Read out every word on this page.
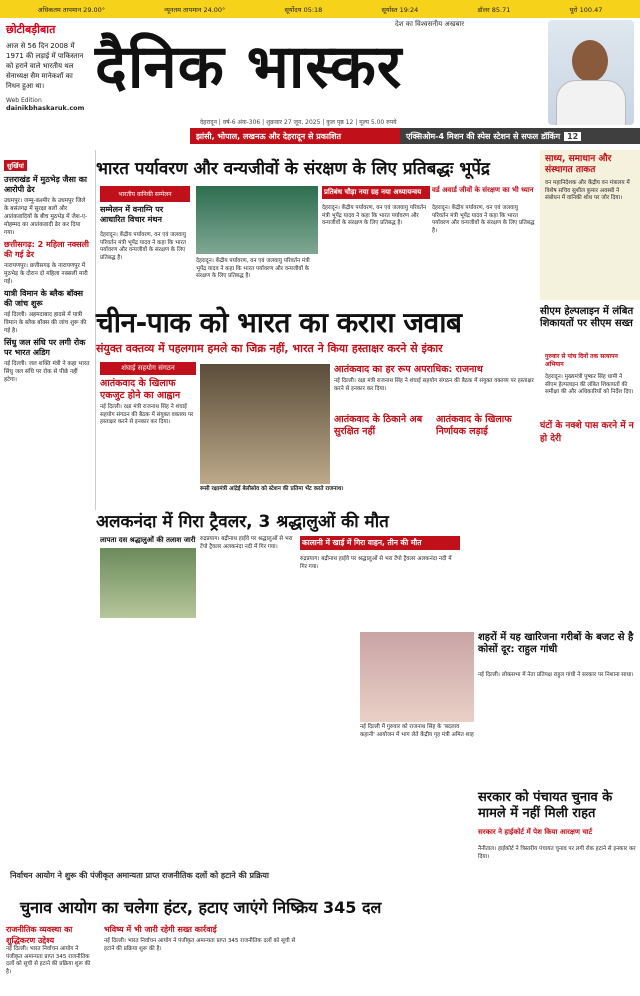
अधिकतम तापमान 29.00°	न्यूनतम तापमान 24.00°	सूर्योदय 05:18	सूर्यास्त 19:24	डॉलर 85.71	यूरो 100.47
छोटीबड़ीबात
आज से 56 दिन 2008 में 1971 की लड़ाई में पाकिस्तान को हराने वाले भारतीय थल सेनाध्यक्ष सैम मानेकशॉ का निधन हुआ था।
Web Edition
dainikbhaskaruk.com
दैनिक भास्कर
देश का विश्वसनीय अखबार
देहरादून | वर्ष-6 अंक-306 | शुक्रवार 27 जून, 2025 | कुल पृष्ठ 12 | मूल्य 5.00 रुपये
झांसी, भोपाल, लखनऊ और देहरादून से प्रकाशित	एक्सिओम-4 मिशन की स्पेस स्टेशन से सफल डॉकिंग 12
सुर्खियां
उत्तराखंड में मुठभेड़ जैसा का आरोपी ढेर
उधमपुर। जम्मू-कश्मीर के उधमपुर जिले के बसंतगढ़ में सुरक्षा बलों और आतंकवादियों के बीच मुठभेड़ में जैश-ए-मोहम्मद का आतंकवादी ढेर कर दिया गया।
छत्तीसगढ़: 2 महिला नक्सली की गई ढेर
नारायणपुर। छत्तीसगढ़ के नारायणपुर में मुठभेड़ के दौरान दो महिला नक्सली मारी गईं।
यात्री विमान के ब्लैक बॉक्स की जांच शुरू
नई दिल्ली। अहमदाबाद हादसे में यात्री विमान के ब्लैक बॉक्स की जांच शुरू की गई है।
सिंधु जल संधि पर लगी रोक पर भारत अडिग
नई दिल्ली। जल शक्ति मंत्री ने कहा भारत सिंधु जल संधि पर रोक से पीछे नहीं हटेगा।
भारत पर्यावरण और वन्यजीवों के संरक्षण के लिए प्रतिबद्धः भूपेंद्र
भारतीय वानिकी सम्मेलन
सम्मेलन में वनाग्नि पर आधारित विचार मंथन
देहरादून। केंद्रीय पर्यावरण, वन एवं जलवायु परिवर्तन मंत्री भूपेंद्र यादव ने कहा कि भारत पर्यावरण और वन्यजीवों के संरक्षण के लिए प्रतिबद्ध है।
देहरादून। केंद्रीय पर्यावरण, वन एवं जलवायु परिवर्तन मंत्री भूपेंद्र यादव ने कहा कि भारत पर्यावरण और वन्यजीवों के संरक्षण के लिए प्रतिबद्ध है।
प्रतिबंध चौड़ा नया ग्रह नया अध्यायन्वय
देहरादून। केंद्रीय पर्यावरण, वन एवं जलवायु परिवर्तन मंत्री भूपेंद्र यादव ने कहा कि भारत पर्यावरण और वन्यजीवों के संरक्षण के लिए प्रतिबद्ध है।
वर्ड अवार्ड जीवों के संरक्षण का भी ध्यान
देहरादून। केंद्रीय पर्यावरण, वन एवं जलवायु परिवर्तन मंत्री भूपेंद्र यादव ने कहा कि भारत पर्यावरण और वन्यजीवों के संरक्षण के लिए प्रतिबद्ध है।
साध्य, समाधान और संस्थागत ताकत
वन महानिदेशक और केंद्रीय वन मंत्रालय में विशेष सचिव सुशील कुमार अवस्थी ने संबोधन में वानिकी शोध पर जोर दिया।
चीन-पाक को भारत का करारा जवाब
संयुक्त वक्तव्य में पहलगाम हमले का जिक्र नहीं, भारत ने किया हस्ताक्षर करने से इंकार
शंघाई सहयोग संगठन
आतंकवाद के खिलाफ एकजुट होने का आह्वान
नई दिल्ली। रक्षा मंत्री राजनाथ सिंह ने शंघाई सहयोग संगठन की बैठक में संयुक्त वक्तव्य पर हस्ताक्षर करने से इनकार कर दिया।
रूसी रक्षामंत्री आंद्रेई बेलौसोव को स्टेशन की प्रतिमा भेंट करते राजनाथ।
आतंकवाद का हर रूप अपराधिक: राजनाथ
नई दिल्ली। रक्षा मंत्री राजनाथ सिंह ने शंघाई सहयोग संगठन की बैठक में संयुक्त वक्तव्य पर हस्ताक्षर करने से इनकार कर दिया।
आतंकवाद के ठिकाने अब सुरक्षित नहीं
आतंकवाद के खिलाफ निर्णायक लड़ाई
सीएम हेल्पलाइन में लंबित शिकायतों पर सीएम सख्त
गुरुवार से पांच दिनों तक सत्यापन अभियान
देहरादून। मुख्यमंत्री पुष्कर सिंह धामी ने सीएम हेल्पलाइन की लंबित शिकायतों की समीक्षा की और अधिकारियों को निर्देश दिए।
घंटों के नक्शे पास करने में न हो देरी
अलकनंदा में गिरा ट्रैवलर, 3 श्रद्धालुओं की मौत
लापता दस श्रद्धालुओं की तलाश जारी रुद्रप्रयाग। बद्रीनाथ हाईवे पर श्रद्धालुओं से भरा टेंपो ट्रैवलर अलकनंदा नदी में गिर गया।	कालानी में खाई में गिरा वाहन, तीन की मौत
रुद्रप्रयाग। बद्रीनाथ हाईवे पर श्रद्धालुओं से भरा टेंपो ट्रैवलर अलकनंदा नदी में गिर गया।
शहरों में यह खारिजना गरीबों के बजट से है कोसों दूर: राहुल गांधी
नई दिल्ली। लोकसभा में नेता प्रतिपक्ष राहुल गांधी ने सरकार पर निशाना साधा।
नई दिल्ली में गुरुवार को राजनाथ सिंह के 'बदलाव कहानी' आयोजन में भाग लेते केंद्रीय गृह मंत्री अमित शाह
निर्वाचन आयोग ने शुरू की पंजीकृत अमान्यता प्राप्त राजनीतिक दलों को हटाने की प्रक्रिया
चुनाव आयोग का चलेगा हंटर, हटाए जाएंगे निष्क्रिय 345 दल
राजनीतिक व्यवस्था का शुद्धिकरण उद्देश्य
नई दिल्ली। भारत निर्वाचन आयोग ने पंजीकृत अमान्यता प्राप्त 345 राजनीतिक दलों को सूची से हटाने की प्रक्रिया शुरू की है।
भविष्य में भी जारी रहेगी सख्त कार्रवाई
नई दिल्ली। भारत निर्वाचन आयोग ने पंजीकृत अमान्यता प्राप्त 345 राजनीतिक दलों को सूची से हटाने की प्रक्रिया शुरू की है।
सरकार को पंचायत चुनाव के मामले में नहीं मिली राहत
सरकार ने हाईकोर्ट में पेश किया आरक्षण चार्ट
नैनीताल। हाईकोर्ट ने त्रिस्तरीय पंचायत चुनाव पर लगी रोक हटाने से इनकार कर दिया।
